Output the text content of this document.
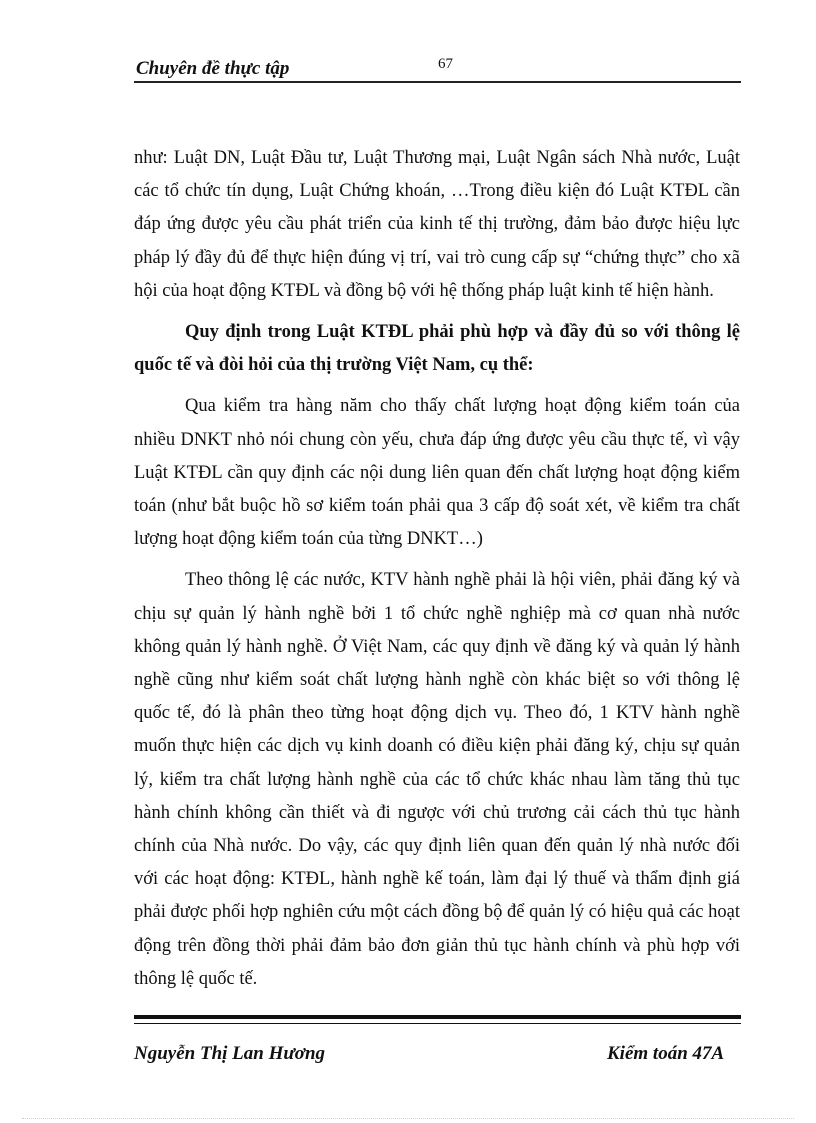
Chuyên đề thực tập	67

như: Luật DN, Luật Đầu tư, Luật Thương mại, Luật Ngân sách Nhà nước, Luật các tổ chức tín dụng, Luật Chứng khoán, …Trong điều kiện đó Luật KTĐL cần đáp ứng được yêu cầu phát triển của kinh tế thị trường, đảm bảo được hiệu lực pháp lý đầy đủ để thực hiện đúng vị trí, vai trò cung cấp sự “chứng thực” cho xã hội của hoạt động KTĐL và đồng bộ với hệ thống pháp luật kinh tế hiện hành.

Quy định trong Luật KTĐL phải phù hợp và đầy đủ so với thông lệ quốc tế và đòi hỏi của thị trường Việt Nam, cụ thể:

Qua kiểm tra hàng năm cho thấy chất lượng hoạt động kiểm toán của nhiều DNKT nhỏ nói chung còn yếu, chưa đáp ứng được yêu cầu thực tế, vì vậy Luật KTĐL cần quy định các nội dung liên quan đến chất lượng hoạt động kiểm toán (như bắt buộc hồ sơ kiểm toán phải qua 3 cấp độ soát xét, về kiểm tra chất lượng hoạt động kiểm toán của từng DNKT…)

Theo thông lệ các nước, KTV hành nghề phải là hội viên, phải đăng ký và chịu sự quản lý hành nghề bởi 1 tổ chức nghề nghiệp mà cơ quan nhà nước không quản lý hành nghề. Ở Việt Nam, các quy định về đăng ký và quản lý hành nghề cũng như kiểm soát chất lượng hành nghề còn khác biệt so với thông lệ quốc tế, đó là phân theo từng hoạt động dịch vụ. Theo đó, 1 KTV hành nghề muốn thực hiện các dịch vụ kinh doanh có điều kiện phải đăng ký, chịu sự quản lý, kiểm tra chất lượng hành nghề của các tổ chức khác nhau làm tăng thủ tục hành chính không cần thiết và đi ngược với chủ trương cải cách thủ tục hành chính của Nhà nước. Do vậy, các quy định liên quan đến quản lý nhà nước đối với các hoạt động: KTĐL, hành nghề kế toán, làm đại lý thuế và thẩm định giá phải được phối hợp nghiên cứu một cách đồng bộ để quản lý có hiệu quả các hoạt động trên đồng thời phải đảm bảo đơn giản thủ tục hành chính và phù hợp với thông lệ quốc tế.

Nguyễn Thị Lan Hương	Kiểm toán 47A
